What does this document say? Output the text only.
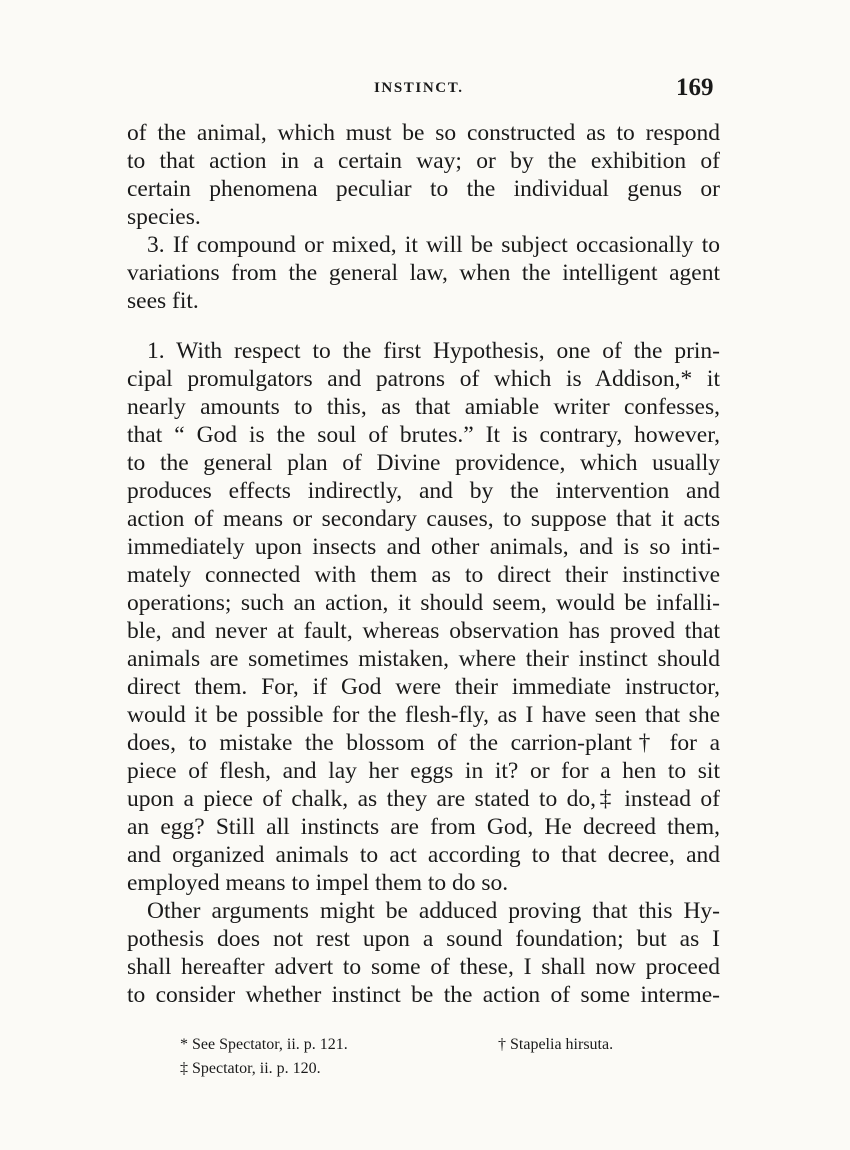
INSTINCT.	169
of the animal, which must be so constructed as to respond
to that action in a certain way; or by the exhibition of
certain phenomena peculiar to the individual genus or
species.
3. If compound or mixed, it will be subject occasionally to
variations from the general law, when the intelligent agent
sees fit.
1. With respect to the first Hypothesis, one of the prin-
cipal promulgators and patrons of which is Addison,* it
nearly amounts to this, as that amiable writer confesses,
that “ God is the soul of brutes.” It is contrary, however,
to the general plan of Divine providence, which usually
produces effects indirectly, and by the intervention and
action of means or secondary causes, to suppose that it acts
immediately upon insects and other animals, and is so inti-
mately connected with them as to direct their instinctive
operations; such an action, it should seem, would be infalli-
ble, and never at fault, whereas observation has proved that
animals are sometimes mistaken, where their instinct should
direct them. For, if God were their immediate instructor,
would it be possible for the flesh-fly, as I have seen that she
does, to mistake the blossom of the carrion-plant† for a
piece of flesh, and lay her eggs in it? or for a hen to sit
upon a piece of chalk, as they are stated to do,‡ instead of
an egg? Still all instincts are from God, He decreed them,
and organized animals to act according to that decree, and
employed means to impel them to do so.
Other arguments might be adduced proving that this Hy-
pothesis does not rest upon a sound foundation; but as I
shall hereafter advert to some of these, I shall now proceed
to consider whether instinct be the action of some interme-
* See Spectator, ii. p. 121.	† Stapelia hirsuta.
‡ Spectator, ii. p. 120.
